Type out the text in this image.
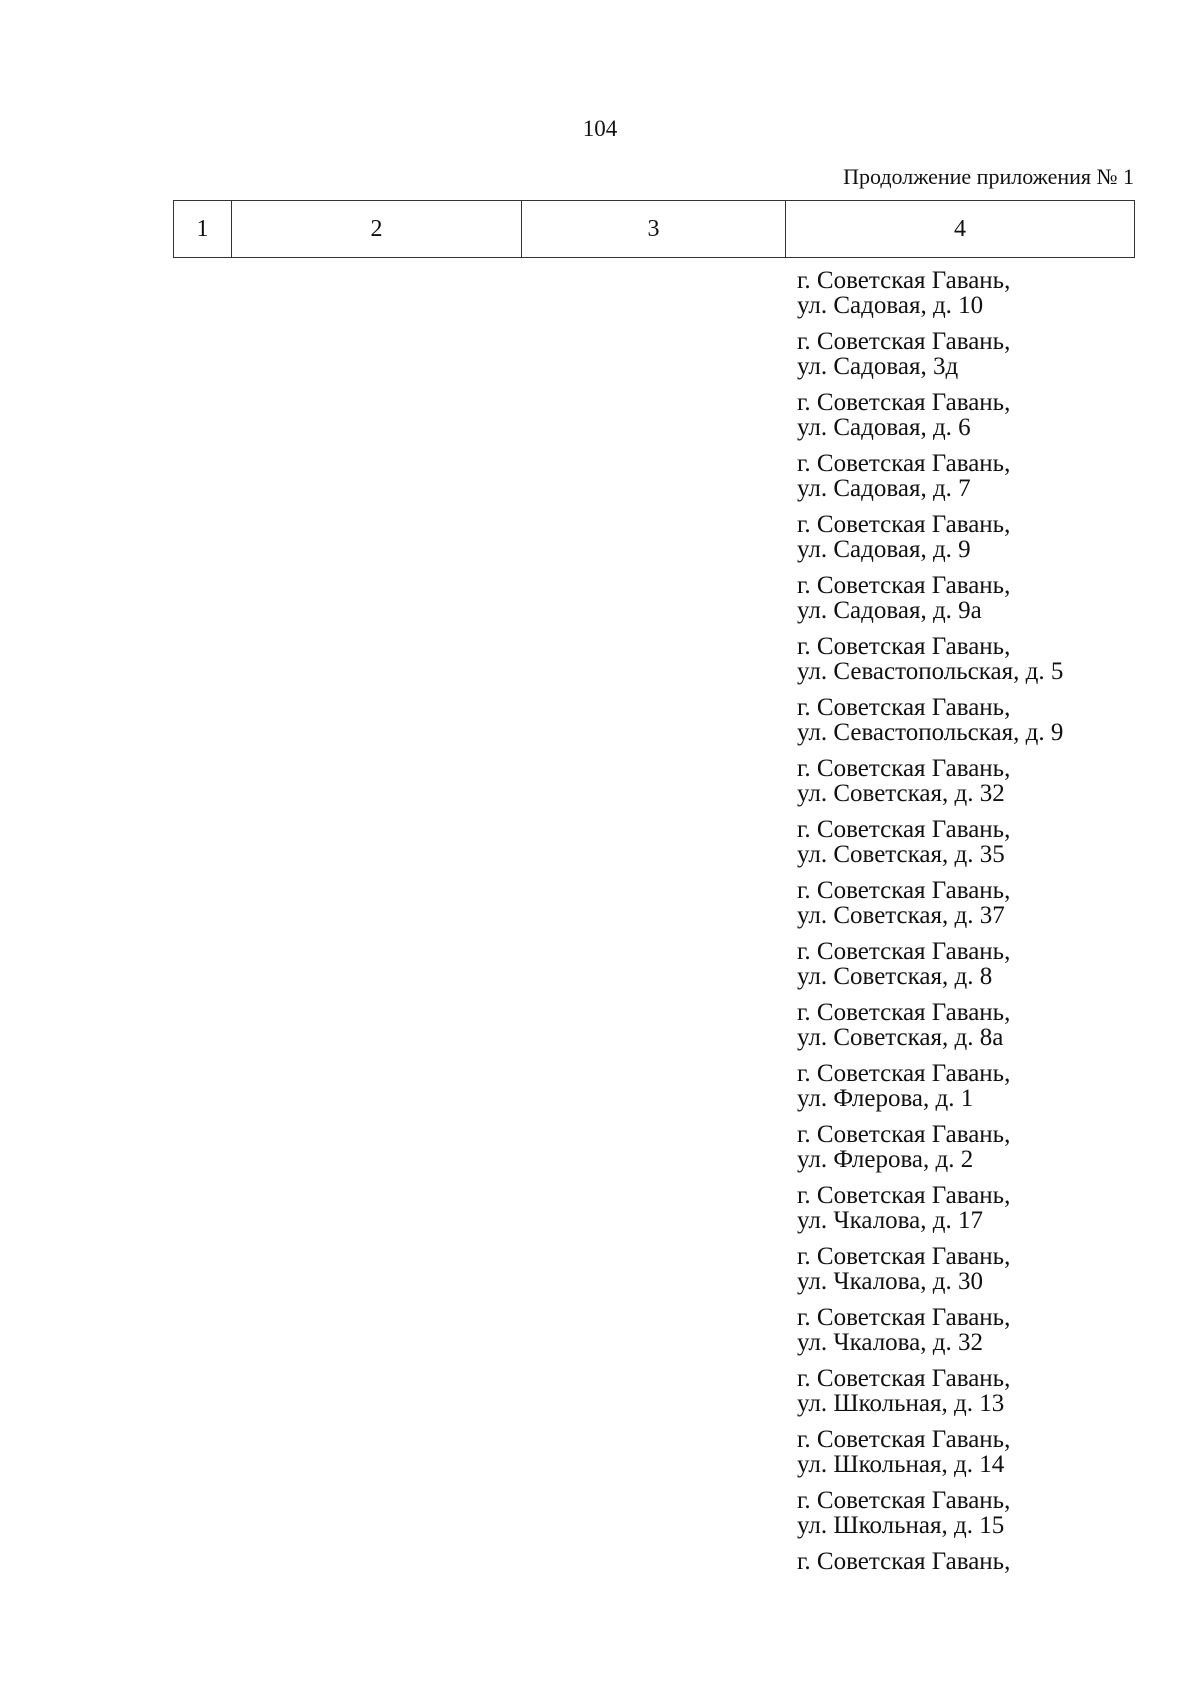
104
Продолжение приложения № 1
1	2	3	4
г. Советская Гавань,
ул. Садовая, д. 10
г. Советская Гавань,
ул. Садовая, 3д
г. Советская Гавань,
ул. Садовая, д. 6
г. Советская Гавань,
ул. Садовая, д. 7
г. Советская Гавань,
ул. Садовая, д. 9
г. Советская Гавань,
ул. Садовая, д. 9а
г. Советская Гавань,
ул. Севастопольская, д. 5
г. Советская Гавань,
ул. Севастопольская, д. 9
г. Советская Гавань,
ул. Советская, д. 32
г. Советская Гавань,
ул. Советская, д. 35
г. Советская Гавань,
ул. Советская, д. 37
г. Советская Гавань,
ул. Советская, д. 8
г. Советская Гавань,
ул. Советская, д. 8а
г. Советская Гавань,
ул. Флерова, д. 1
г. Советская Гавань,
ул. Флерова, д. 2
г. Советская Гавань,
ул. Чкалова, д. 17
г. Советская Гавань,
ул. Чкалова, д. 30
г. Советская Гавань,
ул. Чкалова, д. 32
г. Советская Гавань,
ул. Школьная, д. 13
г. Советская Гавань,
ул. Школьная, д. 14
г. Советская Гавань,
ул. Школьная, д. 15
г. Советская Гавань,
